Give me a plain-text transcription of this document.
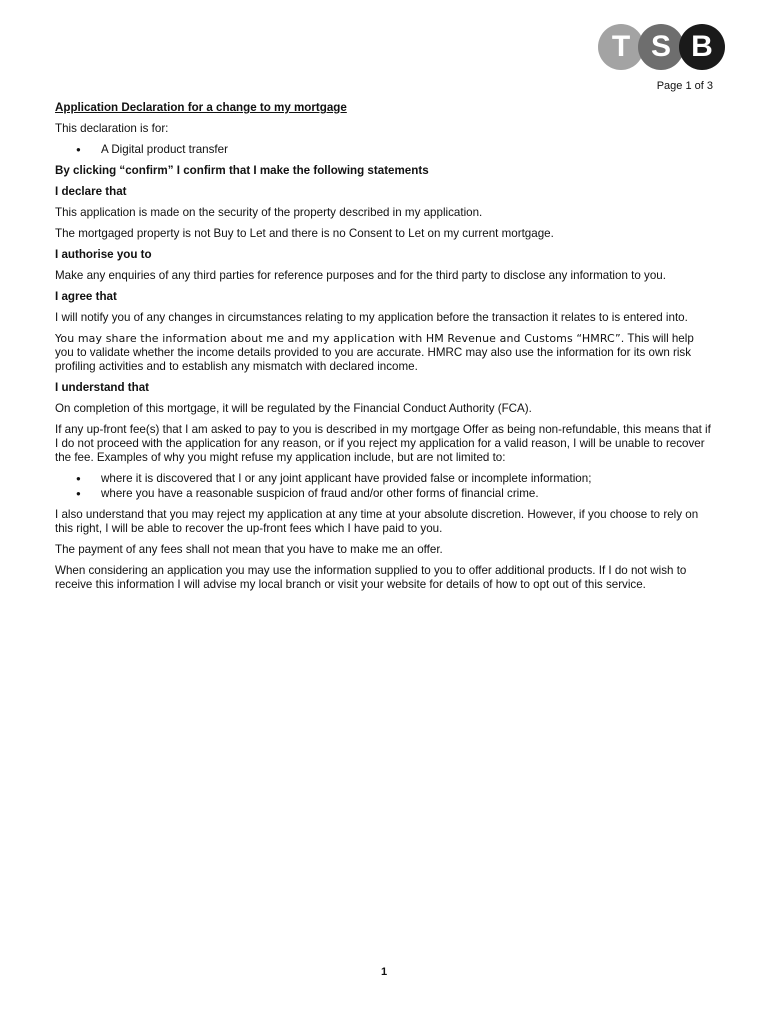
T S B
Page 1 of 3

Application Declaration for a change to my mortgage

This declaration is for:

● A Digital product transfer

By clicking “confirm” I confirm that I make the following statements

I declare that

This application is made on the security of the property described in my application.

The mortgaged property is not Buy to Let and there is no Consent to Let on my current mortgage.

I authorise you to

Make any enquiries of any third parties for reference purposes and for the third party to disclose any information to you.

I agree that

I will notify you of any changes in circumstances relating to my application before the transaction it relates to is entered into.

You may share the information about me and my application with HM Revenue and Customs “HMRC”. This will help you to validate whether the income details provided to you are accurate. HMRC may also use the information for its own risk profiling activities and to establish any mismatch with declared income.

I understand that

On completion of this mortgage, it will be regulated by the Financial Conduct Authority (FCA).

If any up-front fee(s) that I am asked to pay to you is described in my mortgage Offer as being non-refundable, this means that if I do not proceed with the application for any reason, or if you reject my application for a valid reason, I will be unable to recover the fee. Examples of why you might refuse my application include, but are not limited to:

● where it is discovered that I or any joint applicant have provided false or incomplete information;
● where you have a reasonable suspicion of fraud and/or other forms of financial crime.

I also understand that you may reject my application at any time at your absolute discretion. However, if you choose to rely on this right, I will be able to recover the up-front fees which I have paid to you.

The payment of any fees shall not mean that you have to make me an offer.

When considering an application you may use the information supplied to you to offer additional products. If I do not wish to receive this information I will advise my local branch or visit your website for details of how to opt out of this service.

1
